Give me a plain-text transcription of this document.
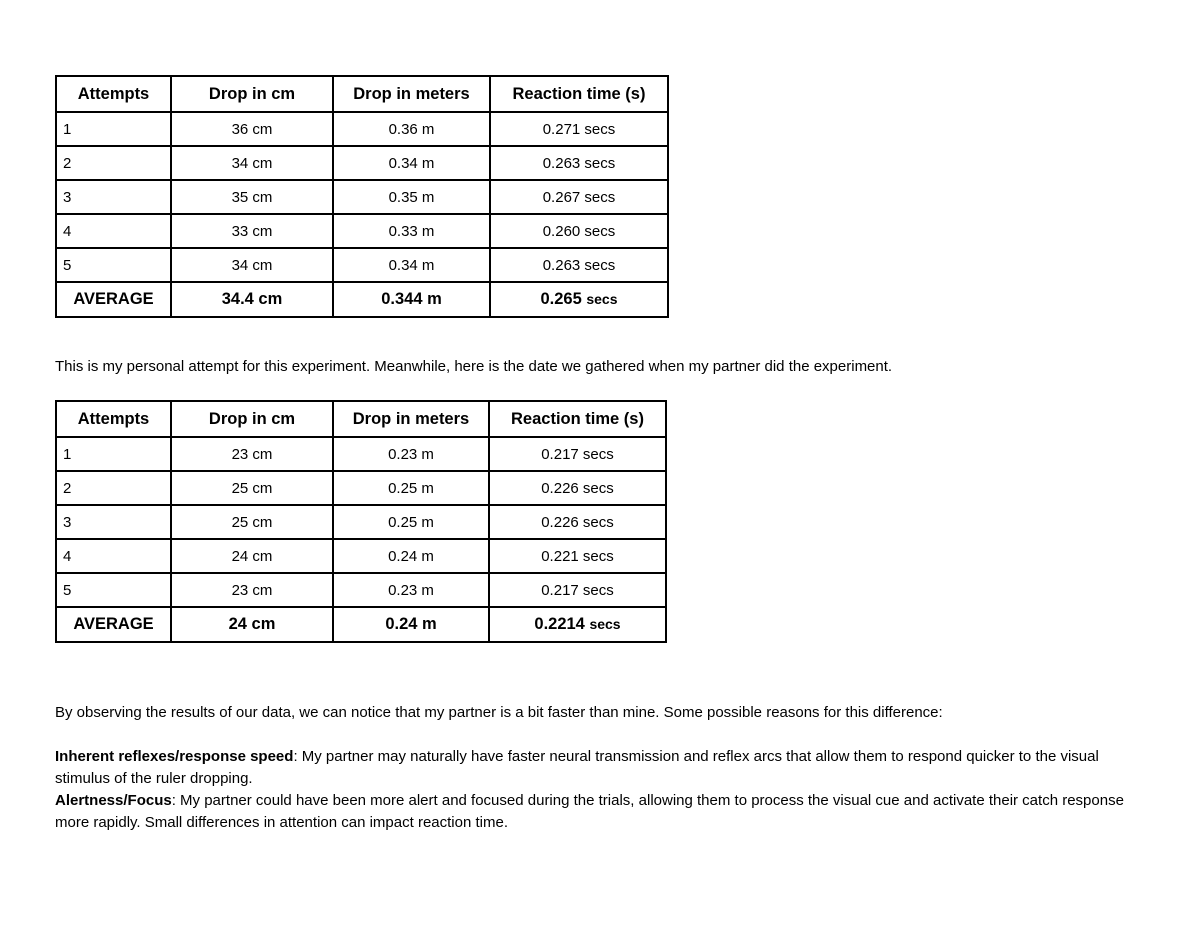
Attempts	Drop in cm	Drop in meters	Reaction time (s)
1	36 cm	0.36 m	0.271 secs
2	34 cm	0.34 m	0.263 secs
3	35 cm	0.35 m	0.267 secs
4	33 cm	0.33 m	0.260 secs
5	34 cm	0.34 m	0.263 secs
AVERAGE	34.4 cm	0.344 m	0.265 secs

This is my personal attempt for this experiment. Meanwhile, here is the date we gathered when my partner did the experiment.

Attempts	Drop in cm	Drop in meters	Reaction time (s)
1	23 cm	0.23 m	0.217 secs
2	25 cm	0.25 m	0.226 secs
3	25 cm	0.25 m	0.226 secs
4	24 cm	0.24 m	0.221 secs
5	23 cm	0.23 m	0.217 secs
AVERAGE	24 cm	0.24 m	0.2214 secs

By observing the results of our data, we can notice that my partner is a bit faster than mine. Some possible reasons for this difference:

Inherent reflexes/response speed: My partner may naturally have faster neural transmission and reflex arcs that allow them to respond quicker to the visual stimulus of the ruler dropping.

Alertness/Focus: My partner could have been more alert and focused during the trials, allowing them to process the visual cue and activate their catch response more rapidly. Small differences in attention can impact reaction time.
